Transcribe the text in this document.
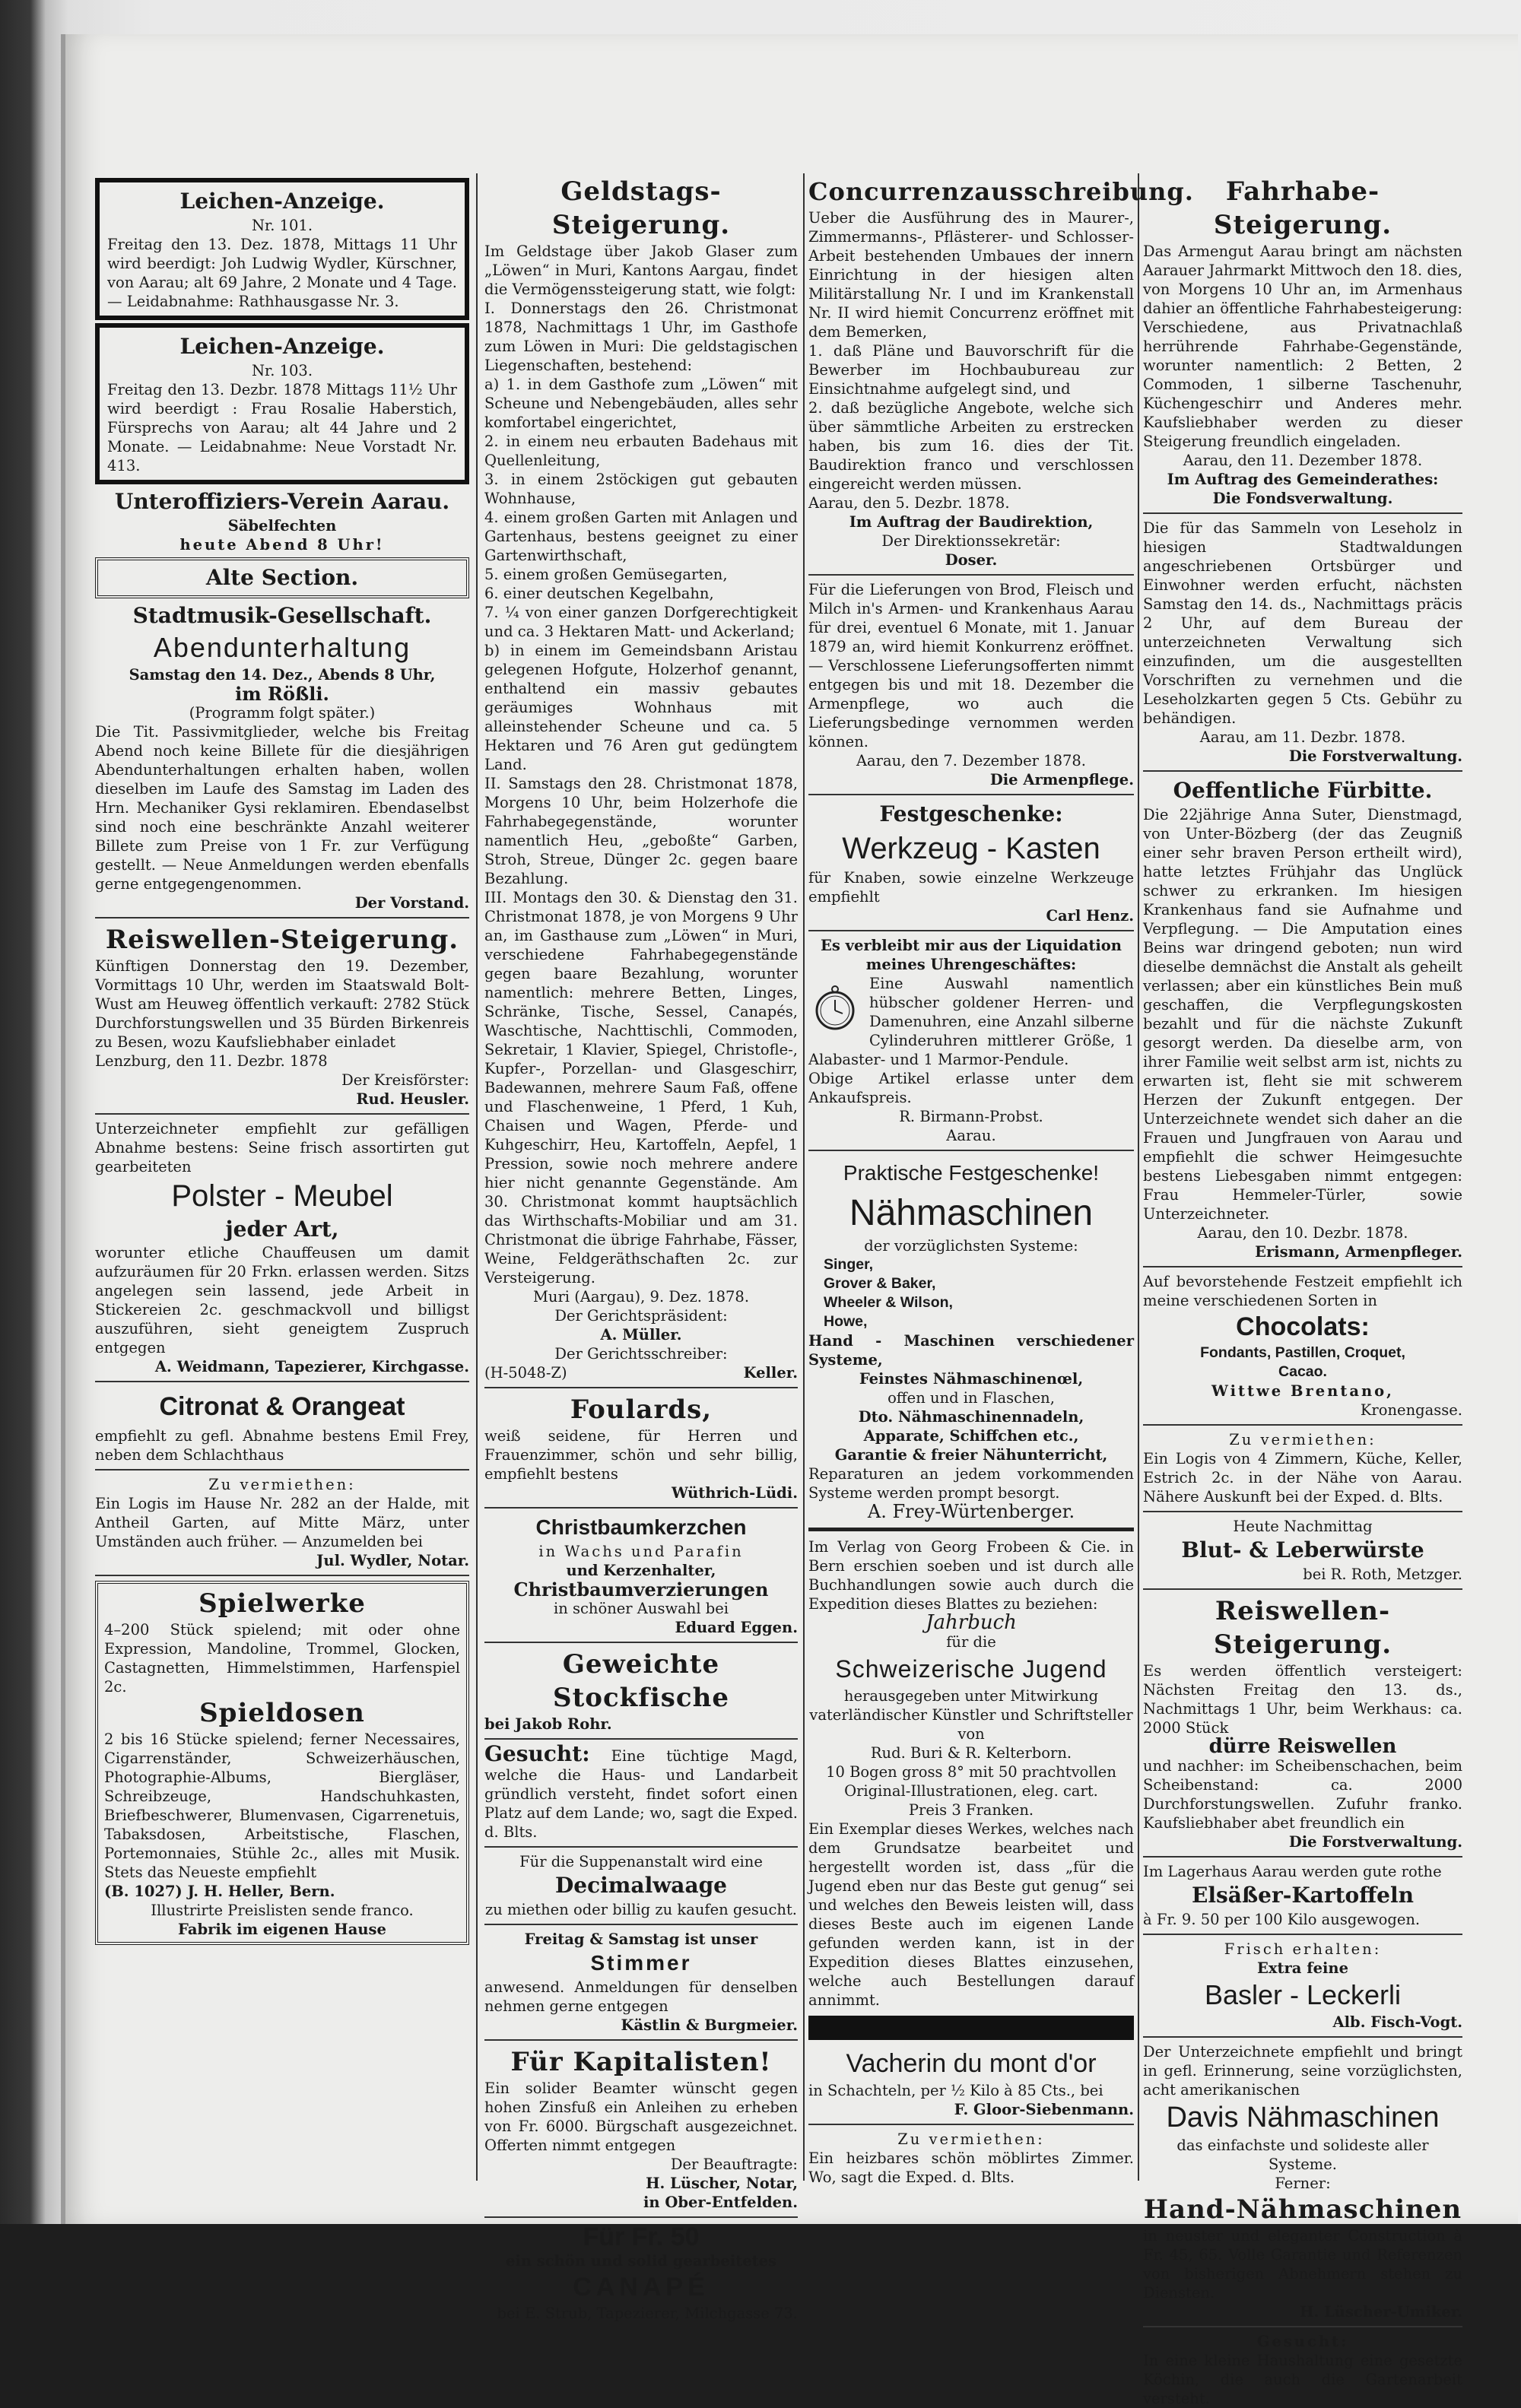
Leichen-Anzeige.

Nr. 101.

Freitag den 13. Dez. 1878, Mittags 11 Uhr wird beerdigt: Joh Ludwig Wydler, Kürschner, von Aarau; alt 69 Jahre, 2 Monate und 4 Tage. — Leidabnahme: Rathhausgasse Nr. 3.

Leichen-Anzeige.

Nr. 103.

Freitag den 13. Dezbr. 1878 Mittags 11½ Uhr wird beerdigt : Frau Rosalie Haberstich, Fürsprechs von Aarau; alt 44 Jahre und 2 Monate. — Leidabnahme: Neue Vorstadt Nr. 413.

Unteroffiziers-Verein Aarau.

Säbelfechten

heute Abend 8 Uhr!

Alte Section.
Stadtmusik-Gesellschaft.
Abendunterhaltung

Samstag den 14. Dez., Abends 8 Uhr,

im Rößli.

(Programm folgt später.)

Die Tit. Passivmitglieder, welche bis Freitag Abend noch keine Billete für die diesjährigen Abendunterhaltungen erhalten haben, wollen dieselben im Laufe des Samstag im Laden des Hrn. Mechaniker Gysi reklamiren. Ebendaselbst sind noch eine beschränkte Anzahl weiterer Billete zum Preise von 1 Fr. zur Verfügung gestellt. — Neue Anmeldungen werden ebenfalls gerne entgegengenommen.

Der Vorstand.

Reiswellen-Steigerung.

Künftigen Donnerstag den 19. Dezember, Vormittags 10 Uhr, werden im Staatswald Bolt-Wust am Heuweg öffentlich verkauft: 2782 Stück Durchforstungswellen und 35 Bürden Birkenreis zu Besen, wozu Kaufsliebhaber einladet

Lenzburg, den 11. Dezbr. 1878

Der Kreisförster:

Rud. Heusler.

Unterzeichneter empfiehlt zur gefälligen Abnahme bestens: Seine frisch assortirten gut gearbeiteten

Polster - Meubel

jeder Art,

worunter etliche Chauffeusen um damit aufzuräumen für 20 Frkn. erlassen werden. Sitzs angelegen sein lassend, jede Arbeit in Stickereien 2c. geschmackvoll und billigst auszuführen, sieht geneigtem Zuspruch entgegen

A. Weidmann, Tapezierer, Kirchgasse.

Citronat & Orangeat

empfiehlt zu gefl. Abnahme bestens Emil Frey, neben dem Schlachthaus

Zu vermiethen:

Ein Logis im Hause Nr. 282 an der Halde, mit Antheil Garten, auf Mitte März, unter Umständen auch früher. — Anzumelden bei

Jul. Wydler, Notar.

Spielwerke

4–200 Stück spielend; mit oder ohne Expression, Mandoline, Trommel, Glocken, Castagnetten, Himmelstimmen, Harfenspiel 2c.

Spieldosen

2 bis 16 Stücke spielend; ferner Necessaires, Cigarrenständer, Schweizerhäuschen, Photographie-Albums, Biergläser, Schreibzeuge, Handschuhkasten, Briefbeschwerer, Blumenvasen, Cigarrenetuis, Tabaksdosen, Arbeitstische, Flaschen, Portemonnaies, Stühle 2c., alles mit Musik. Stets das Neueste empfiehlt

(B. 1027) J. H. Heller, Bern.

Illustrirte Preislisten sende franco.

Fabrik im eigenen Hause

Geldstags-Steigerung.

Im Geldstage über Jakob Glaser zum „Löwen“ in Muri, Kantons Aargau, findet die Vermögenssteigerung statt, wie folgt:

I. Donnerstags den 26. Christmonat 1878, Nachmittags 1 Uhr, im Gasthofe zum Löwen in Muri: Die geldstagischen Liegenschaften, bestehend:

a) 1. in dem Gasthofe zum „Löwen“ mit Scheune und Nebengebäuden, alles sehr komfortabel eingerichtet,

2. in einem neu erbauten Badehaus mit Quellenleitung,

3. in einem 2stöckigen gut gebauten Wohnhause,

4. einem großen Garten mit Anlagen und Gartenhaus, bestens geeignet zu einer Gartenwirthschaft,

5. einem großen Gemüsegarten,

6. einer deutschen Kegelbahn,

7. ¼ von einer ganzen Dorfgerechtigkeit und ca. 3 Hektaren Matt- und Ackerland;

b) in einem im Gemeindsbann Aristau gelegenen Hofgute, Holzerhof genannt, enthaltend ein massiv gebautes geräumiges Wohnhaus mit alleinstehender Scheune und ca. 5 Hektaren und 76 Aren gut gedüngtem Land.

II. Samstags den 28. Christmonat 1878, Morgens 10 Uhr, beim Holzerhofe die Fahrhabegegenstände, worunter namentlich Heu, „geboßte“ Garben, Stroh, Streue, Dünger 2c. gegen baare Bezahlung.

III. Montags den 30. & Dienstag den 31. Christmonat 1878, je von Morgens 9 Uhr an, im Gasthause zum „Löwen“ in Muri, verschiedene Fahrhabegegenstände gegen baare Bezahlung, worunter namentlich: mehrere Betten, Linges, Schränke, Tische, Sessel, Canapés, Waschtische, Nachttischli, Commoden, Sekretair, 1 Klavier, Spiegel, Christofle-, Kupfer-, Porzellan- und Glasgeschirr, Badewannen, mehrere Saum Faß, offene und Flaschenweine, 1 Pferd, 1 Kuh, Chaisen und Wagen, Pferde- und Kuhgeschirr, Heu, Kartoffeln, Aepfel, 1 Pression, sowie noch mehrere andere hier nicht genannte Gegenstände. Am 30. Christmonat kommt hauptsächlich das Wirthschafts-Mobiliar und am 31. Christmonat die übrige Fahrhabe, Fässer, Weine, Feldgeräthschaften 2c. zur Versteigerung.

Muri (Aargau), 9. Dez. 1878.

Der Gerichtspräsident:

A. Müller.

Der Gerichtsschreiber:

(H-5048-Z)	Keller.

Foulards,

weiß seidene, für Herren und Frauenzimmer, schön und sehr billig, empfiehlt bestens

Wüthrich-Lüdi.

Christbaumkerzchen

in Wachs und Parafin

und Kerzenhalter,

Christbaumverzierungen

in schöner Auswahl bei

Eduard Eggen.

Geweichte Stockfische

bei Jakob Rohr.

Gesucht: Eine tüchtige Magd, welche die Haus- und Landarbeit gründlich versteht, findet sofort einen Platz auf dem Lande; wo, sagt die Exped. d. Blts.

Für die Suppenanstalt wird eine

Decimalwaage

zu miethen oder billig zu kaufen gesucht.

Freitag & Samstag ist unser

Stimmer

anwesend. Anmeldungen für denselben nehmen gerne entgegen

Kästlin & Burgmeier.

Für Kapitalisten!

Ein solider Beamter wünscht gegen hohen Zinsfuß ein Anleihen zu erheben von Fr. 6000. Bürgschaft ausgezeichnet. Offerten nimmt entgegen

Der Beauftragte:

H. Lüscher, Notar,

in Ober-Entfelden.

Für Fr. 50

ein schön und solid gearbeitetes

CANAPÉ

bei E. Strub, Tapezierer, Milchgasse 73.

Concurrenzausschreibung.

Ueber die Ausführung des in Maurer-, Zimmermanns-, Pflästerer- und Schlosser-Arbeit bestehenden Umbaues der innern Einrichtung in der hiesigen alten Militärstallung Nr. I und im Krankenstall Nr. II wird hiemit Concurrenz eröffnet mit dem Bemerken,

1. daß Pläne und Bauvorschrift für die Bewerber im Hochbaubureau zur Einsichtnahme aufgelegt sind, und

2. daß bezügliche Angebote, welche sich über sämmtliche Arbeiten zu erstrecken haben, bis zum 16. dies der Tit. Baudirektion franco und verschlossen eingereicht werden müssen.

Aarau, den 5. Dezbr. 1878.

Im Auftrag der Baudirektion,

Der Direktionssekretär:

Doser.

Für die Lieferungen von Brod, Fleisch und Milch in's Armen- und Krankenhaus Aarau für drei, eventuel 6 Monate, mit 1. Januar 1879 an, wird hiemit Konkurrenz eröffnet. — Verschlossene Lieferungsofferten nimmt entgegen bis und mit 18. Dezember die Armenpflege, wo auch die Lieferungsbedinge vernommen werden können.

Aarau, den 7. Dezember 1878.

Die Armenpflege.

Festgeschenke:
Werkzeug - Kasten

für Knaben, sowie einzelne Werkzeuge empfiehlt

Carl Henz.

Es verbleibt mir aus der Liquidation meines Uhrengeschäftes:

Eine Auswahl namentlich hübscher goldener Herren- und Damenuhren, eine Anzahl silberne Cylinderuhren mittlerer Größe, 1 Alabaster- und 1 Marmor-Pendule.

Obige Artikel erlasse unter dem Ankaufspreis.

R. Birmann-Probst.

Aarau.

Praktische Festgeschenke!
Nähmaschinen

der vorzüglichsten Systeme:

Singer,

Grover & Baker,

Wheeler & Wilson,

Howe,

Hand - Maschinen verschiedener Systeme,

Feinstes Nähmaschinenœl,

offen und in Flaschen,

Dto. Nähmaschinennadeln,

Apparate, Schiffchen etc.,

Garantie & freier Nähunterricht,

Reparaturen an jedem vorkommenden Systeme werden prompt besorgt.

A. Frey-Würtenberger.

Im Verlag von Georg Frobeen & Cie. in Bern erschien soeben und ist durch alle Buchhandlungen sowie auch durch die Expedition dieses Blattes zu beziehen:

Jahrbuch

für die

Schweizerische Jugend

herausgegeben unter Mitwirkung vaterländischer Künstler und Schriftsteller

von

Rud. Buri & R. Kelterborn.

10 Bogen gross 8° mit 50 prachtvollen Original-Illustrationen, eleg. cart.

Preis 3 Franken.

Ein Exemplar dieses Werkes, welches nach dem Grundsatze bearbeitet und hergestellt worden ist, dass „für die Jugend eben nur das Beste gut genug“ sei und welches den Beweis leisten will, dass dieses Beste auch im eigenen Lande gefunden werden kann, ist in der Expedition dieses Blattes einzusehen, welche auch Bestellungen darauf annimmt.

Vacherin du mont d'or

in Schachteln, per ½ Kilo à 85 Cts., bei

F. Gloor-Siebenmann.

Zu vermiethen:

Ein heizbares schön möblirtes Zimmer. Wo, sagt die Exped. d. Blts.

Fahrhabe-Steigerung.

Das Armengut Aarau bringt am nächsten Aarauer Jahrmarkt Mittwoch den 18. dies, von Morgens 10 Uhr an, im Armenhaus dahier an öffentliche Fahrhabesteigerung: Verschiedene, aus Privatnachlaß herrührende Fahrhabe-Gegenstände, worunter namentlich: 2 Betten, 2 Commoden, 1 silberne Taschenuhr, Küchengeschirr und Anderes mehr. Kaufsliebhaber werden zu dieser Steigerung freundlich eingeladen.

Aarau, den 11. Dezember 1878.

Im Auftrag des Gemeinderathes:

Die Fondsverwaltung.

Die für das Sammeln von Leseholz in hiesigen Stadtwaldungen angeschriebenen Ortsbürger und Einwohner werden erfucht, nächsten Samstag den 14. ds., Nachmittags präcis 2 Uhr, auf dem Bureau der unterzeichneten Verwaltung sich einzufinden, um die ausgestellten Vorschriften zu vernehmen und die Leseholzkarten gegen 5 Cts. Gebühr zu behändigen.

Aarau, am 11. Dezbr. 1878.

Die Forstverwaltung.

Oeffentliche Fürbitte.

Die 22jährige Anna Suter, Dienstmagd, von Unter-Bözberg (der das Zeugniß einer sehr braven Person ertheilt wird), hatte letztes Frühjahr das Unglück schwer zu erkranken. Im hiesigen Krankenhaus fand sie Aufnahme und Verpflegung. — Die Amputation eines Beins war dringend geboten; nun wird dieselbe demnächst die Anstalt als geheilt verlassen; aber ein künstliches Bein muß geschaffen, die Verpflegungskosten bezahlt und für die nächste Zukunft gesorgt werden. Da dieselbe arm, von ihrer Familie weit selbst arm ist, nichts zu erwarten ist, fleht sie mit schwerem Herzen der Zukunft entgegen. Der Unterzeichnete wendet sich daher an die Frauen und Jungfrauen von Aarau und empfiehlt die schwer Heimgesuchte bestens Liebesgaben nimmt entgegen: Frau Hemmeler-Türler, sowie Unterzeichneter.

Aarau, den 10. Dezbr. 1878.

Erismann, Armenpfleger.

Auf bevorstehende Festzeit empfiehlt ich meine verschiedenen Sorten in

Chocolats:

Fondants, Pastillen, Croquet,

Cacao.

Wittwe Brentano,

Kronengasse.

Zu vermiethen:

Ein Logis von 4 Zimmern, Küche, Keller, Estrich 2c. in der Nähe von Aarau. Nähere Auskunft bei der Exped. d. Blts.

Heute Nachmittag

Blut- & Leberwürste

bei R. Roth, Metzger.

Reiswellen-Steigerung.

Es werden öffentlich versteigert: Nächsten Freitag den 13. ds., Nachmittags 1 Uhr, beim Werkhaus: ca. 2000 Stück

dürre Reiswellen

und nachher: im Scheibenschachen, beim Scheibenstand: ca. 2000 Durchforstungswellen. Zufuhr franko. Kaufsliebhaber abet freundlich ein

Die Forstverwaltung.

Im Lagerhaus Aarau werden gute rothe

Elsäßer-Kartoffeln

à Fr. 9. 50 per 100 Kilo ausgewogen.

Frisch erhalten:

Extra feine

Basler - Leckerli

Alb. Fisch-Vogt.

Der Unterzeichnete empfiehlt und bringt in gefl. Erinnerung, seine vorzüglichsten, acht amerikanischen

Davis Nähmaschinen

das einfachste und solideste aller Systeme.

Ferner:

Hand-Nähmaschinen

in neuster und eleganter Construction à Fr. 45, 65. Volle Garantie und Referenzen von bisherigen Abnehmern stehen zu Diensten.

H. Lüscher-Umiker.

Gesucht:

In eine kleine Haushaltung eine gesetzte Köchin, die auch die Gartenarbeit versteht.
